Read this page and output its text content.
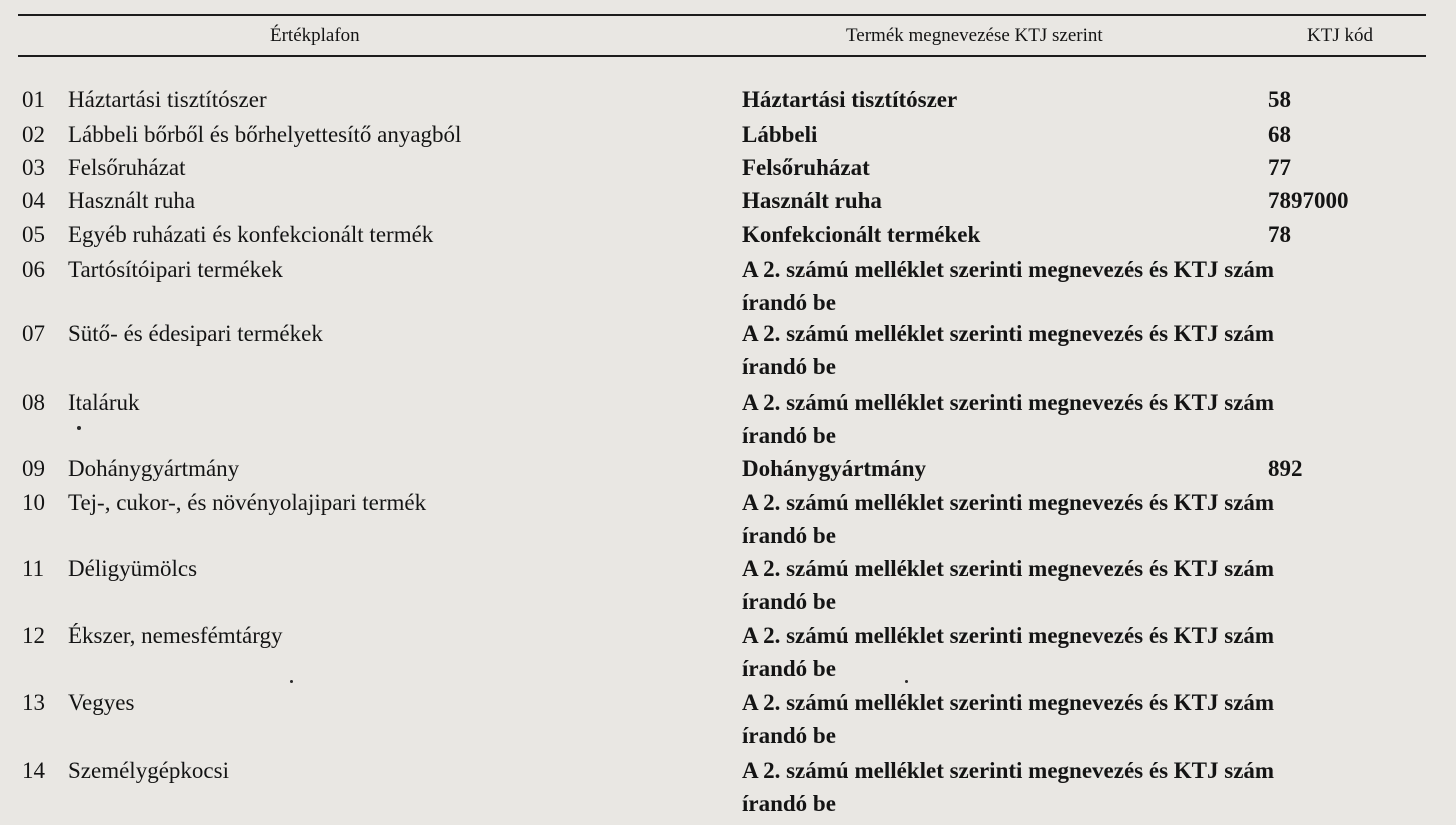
Értékplafon	Termék megnevezése KTJ szerint	KTJ kód
01 Háztartási tisztítószer	Háztartási tisztítószer	58
02 Lábbeli bőrből és bőrhelyettesítő anyagból	Lábbeli	68
03 Felsőruházat	Felsőruházat	77
04 Használt ruha	Használt ruha	7897000
05 Egyéb ruházati és konfekcionált termék	Konfekcionált termékek	78
06 Tartósítóipari termékek	A 2. számú melléklet szerinti megnevezés és KTJ szám
írandó be
07 Sütő- és édesipari termékek	A 2. számú melléklet szerinti megnevezés és KTJ szám
írandó be
08 Italáruk	A 2. számú melléklet szerinti megnevezés és KTJ szám
írandó be
09 Dohánygyártmány	Dohánygyártmány	892
10 Tej-, cukor-, és növényolajipari termék	A 2. számú melléklet szerinti megnevezés és KTJ szám
írandó be
11 Déligyümölcs	A 2. számú melléklet szerinti megnevezés és KTJ szám
írandó be
12 Ékszer, nemesfémtárgy	A 2. számú melléklet szerinti megnevezés és KTJ szám
írandó be
13 Vegyes	A 2. számú melléklet szerinti megnevezés és KTJ szám
írandó be
14 Személygépkocsi	A 2. számú melléklet szerinti megnevezés és KTJ szám
írandó be
